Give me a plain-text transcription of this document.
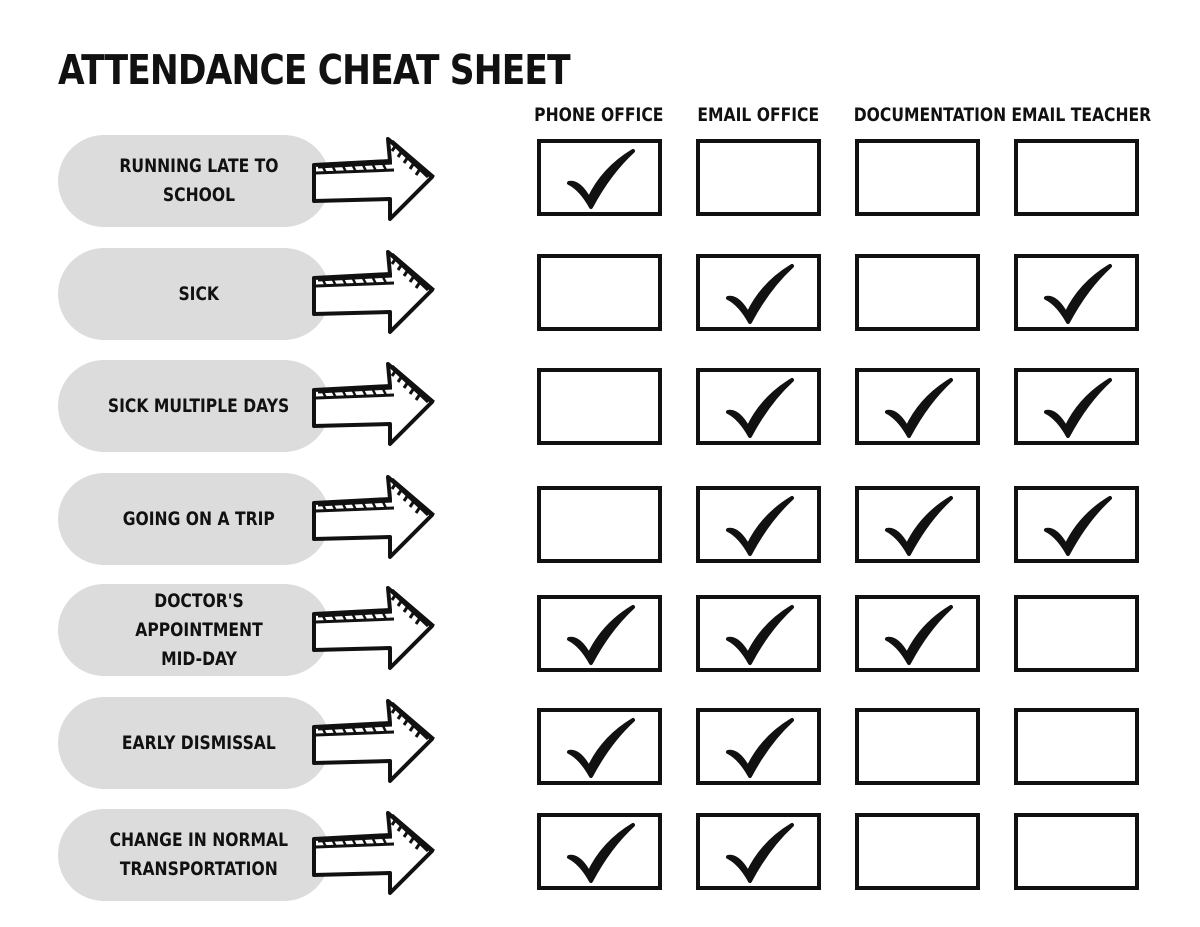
ATTENDANCE CHEAT SHEET
PHONE OFFICE	EMAIL OFFICE	DOCUMENTATION EMAIL TEACHER
RUNNING LATE TO SCHOOL
SICK
SICK MULTIPLE DAYS
GOING ON A TRIP
DOCTOR'S APPOINTMENT
MID-DAY
EARLY DISMISSAL
CHANGE IN NORMAL
TRANSPORTATION
